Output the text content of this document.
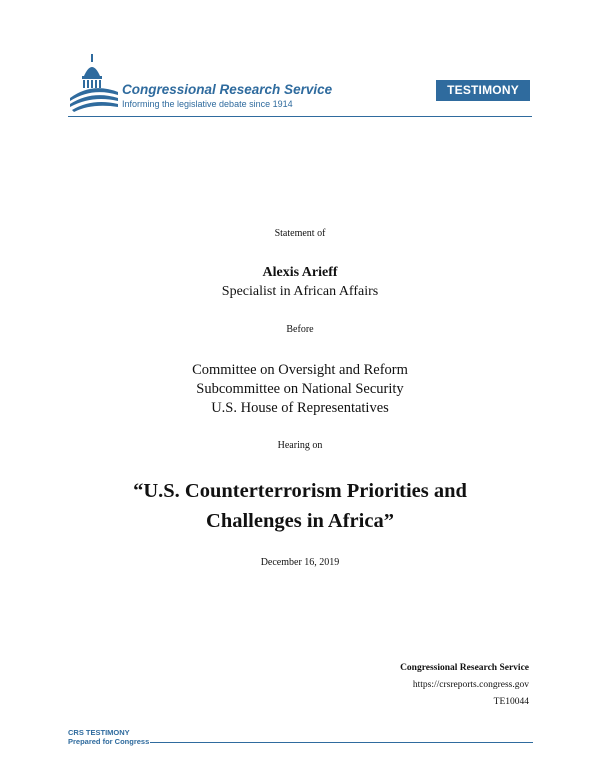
Congressional Research Service
Informing the legislative debate since 1914
TESTIMONY
Statement of
Alexis Arieff
Specialist in African Affairs
Before
Committee on Oversight and Reform
Subcommittee on National Security
U.S. House of Representatives
Hearing on
“U.S. Counterterrorism Priorities and
Challenges in Africa”
December 16, 2019
Congressional Research Service
https://crsreports.congress.gov
TE10044
CRS TESTIMONY
Prepared for Congress
